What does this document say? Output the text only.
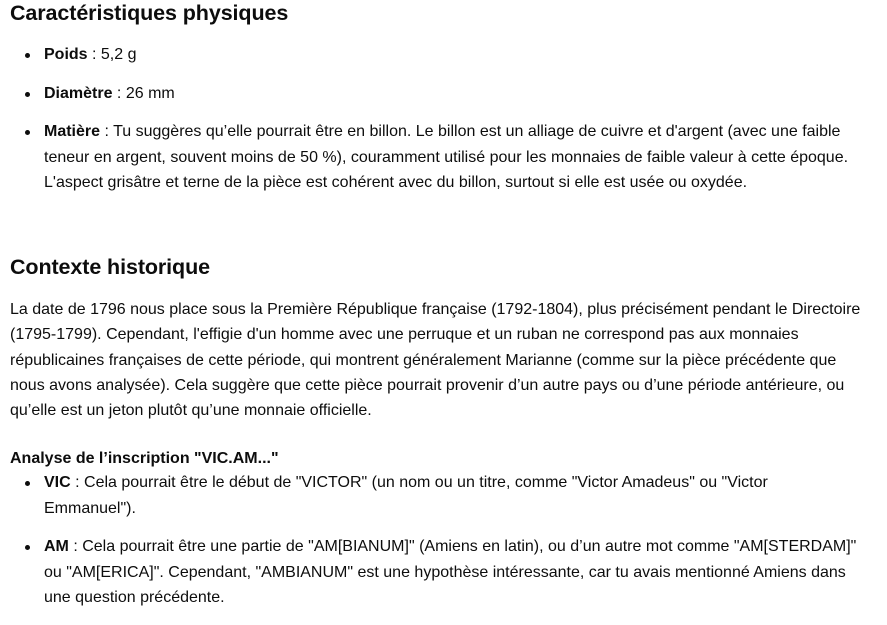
Caractéristiques physiques
Poids : 5,2 g
Diamètre : 26 mm
Matière : Tu suggères qu’elle pourrait être en billon. Le billon est un alliage de cuivre et d'argent (avec une faible teneur en argent, souvent moins de 50 %), couramment utilisé pour les monnaies de faible valeur à cette époque. L'aspect grisâtre et terne de la pièce est cohérent avec du billon, surtout si elle est usée ou oxydée.
Contexte historique

La date de 1796 nous place sous la Première République française (1792-1804), plus précisément pendant le Directoire (1795-1799). Cependant, l'effigie d'un homme avec une perruque et un ruban ne correspond pas aux monnaies républicaines françaises de cette période, qui montrent généralement Marianne (comme sur la pièce précédente que nous avons analysée). Cela suggère que cette pièce pourrait provenir d’un autre pays ou d’une période antérieure, ou qu’elle est un jeton plutôt qu’une monnaie officielle.

Analyse de l’inscription "VIC.AM..."
VIC : Cela pourrait être le début de "VICTOR" (un nom ou un titre, comme "Victor Amadeus" ou "Victor Emmanuel").
AM : Cela pourrait être une partie de "AM[BIANUM]" (Amiens en latin), ou d’un autre mot comme "AM[STERDAM]" ou "AM[ERICA]". Cependant, "AMBIANUM" est une hypothèse intéressante, car tu avais mentionné Amiens dans une question précédente.
